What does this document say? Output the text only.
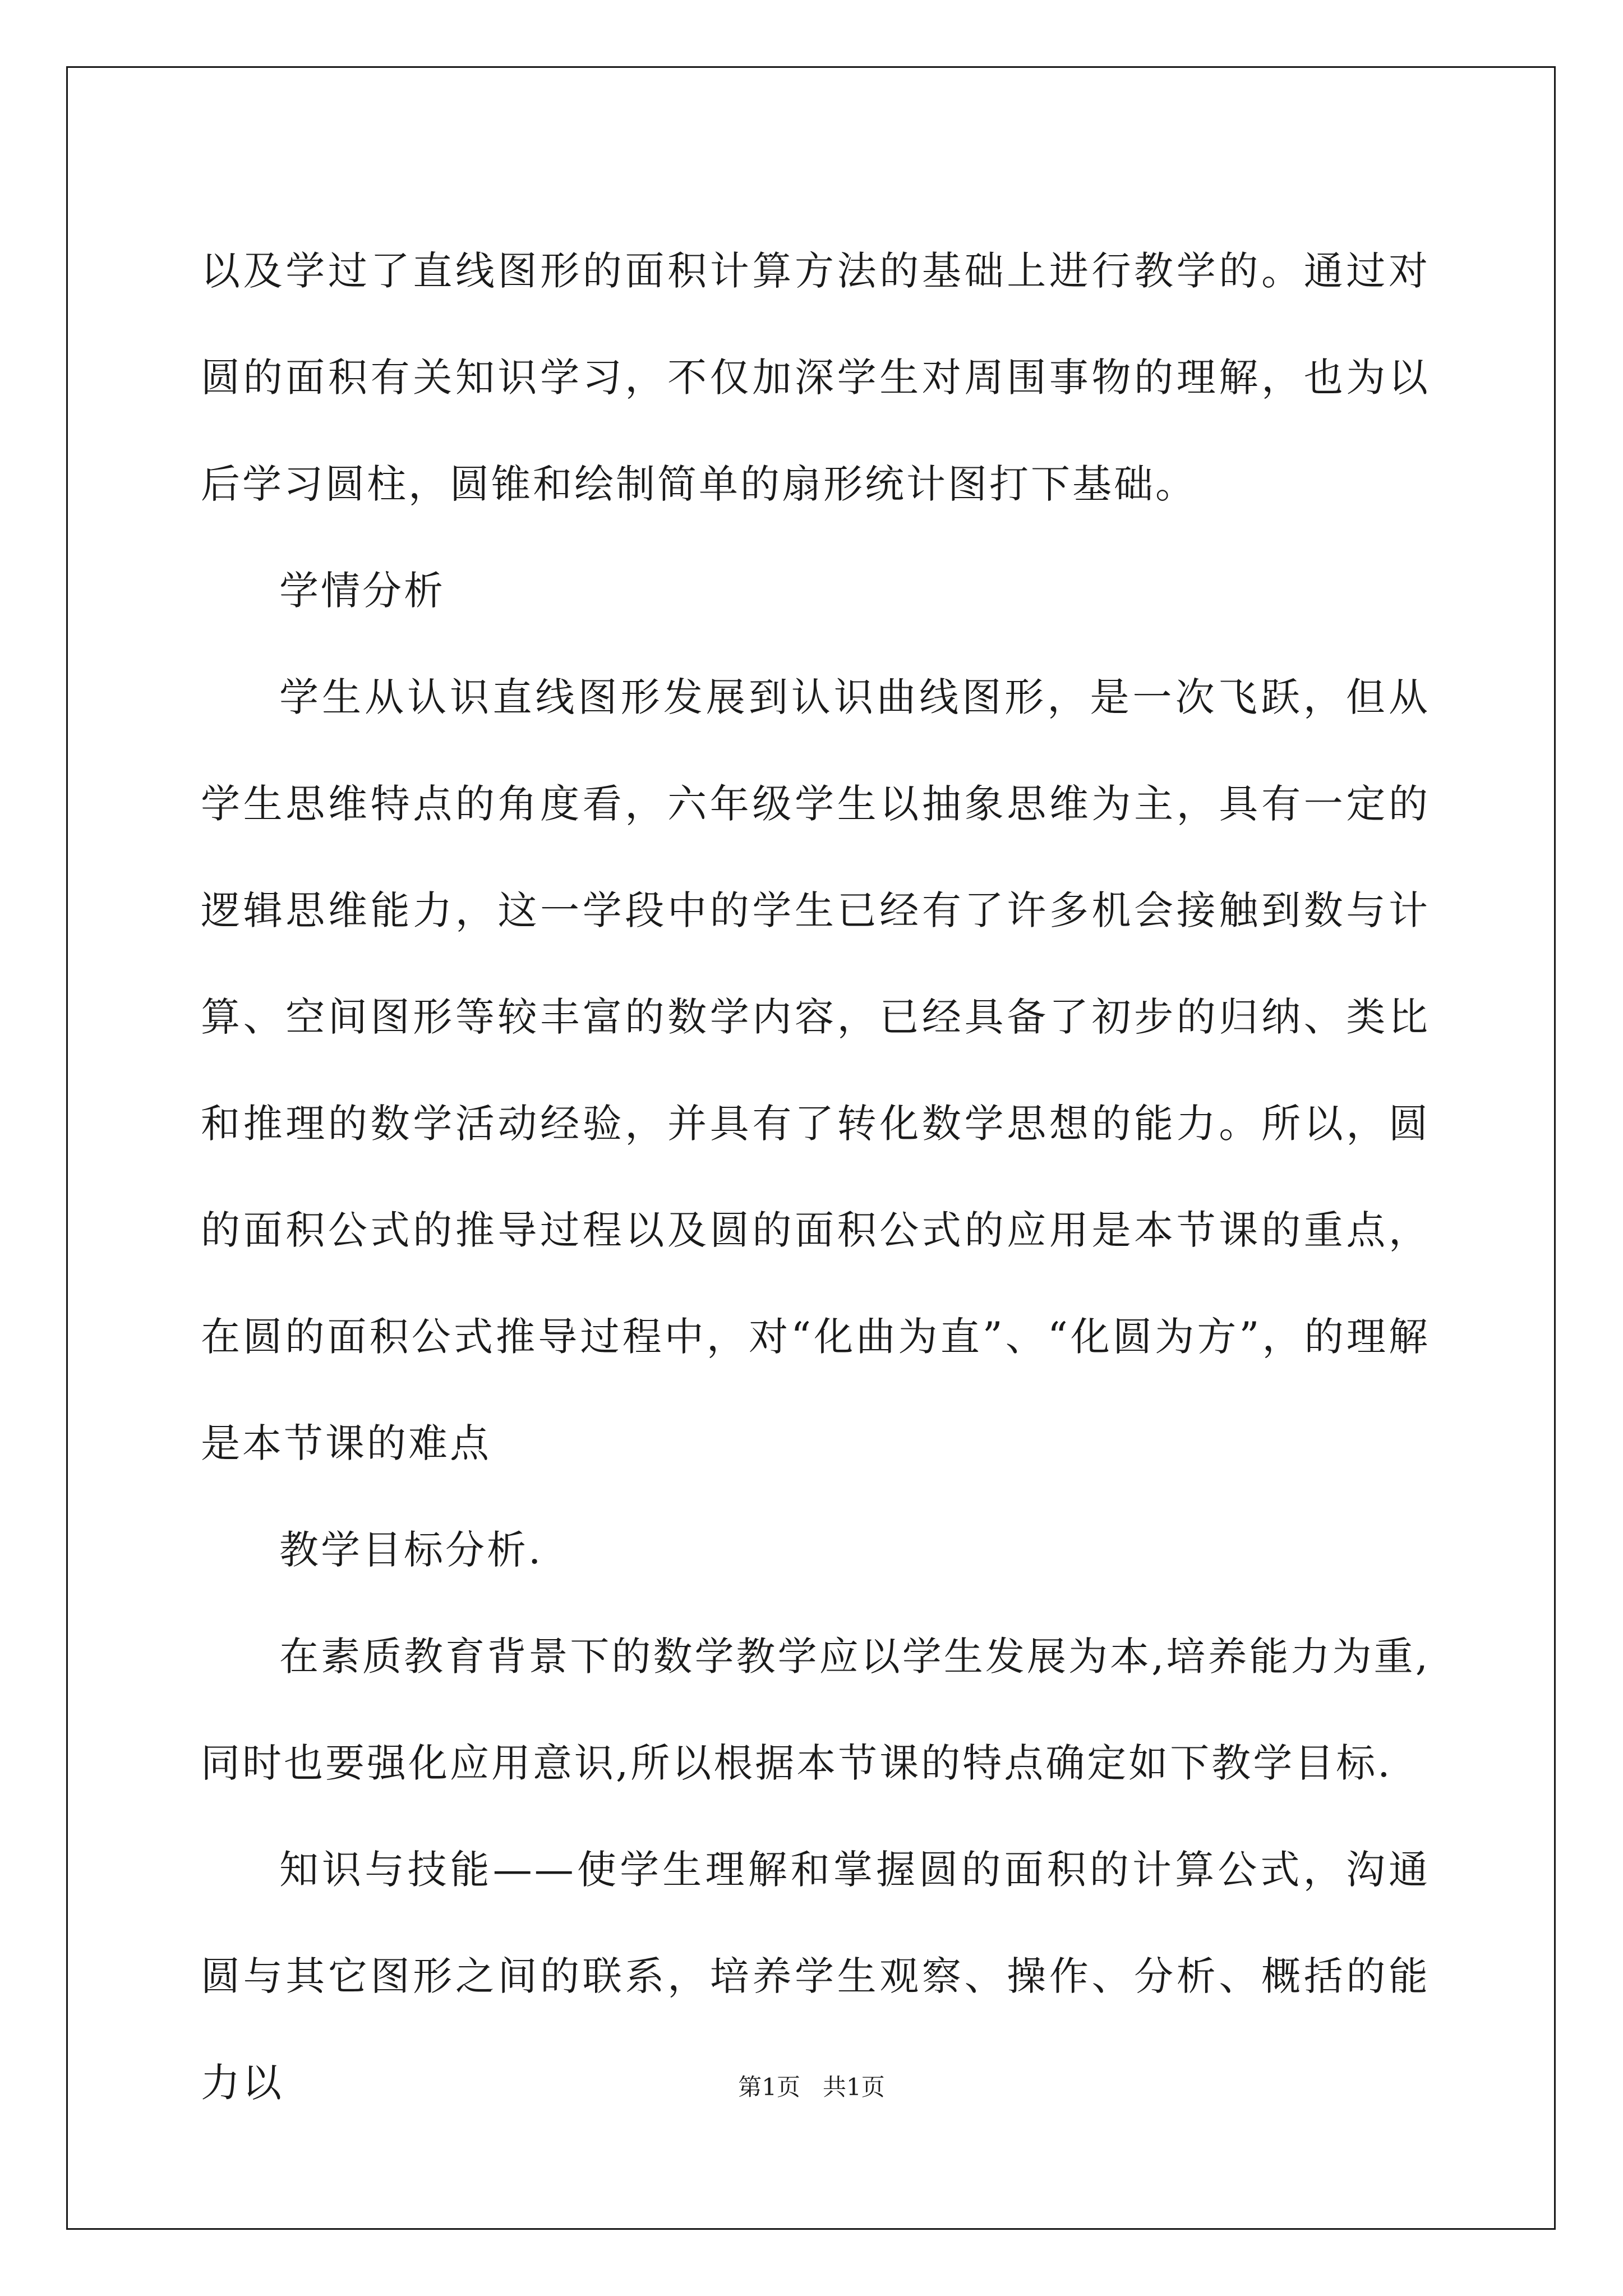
以及学过了直线图形的面积计算方法的基础上进行教学的。通过对圆的面积有关知识学习，不仅加深学生对周围事物的理解，也为以后学习圆柱，圆锥和绘制简单的扇形统计图打下基础。

学情分析

学生从认识直线图形发展到认识曲线图形，是一次飞跃，但从学生思维特点的角度看，六年级学生以抽象思维为主，具有一定的逻辑思维能力，这一学段中的学生已经有了许多机会接触到数与计算、空间图形等较丰富的数学内容，已经具备了初步的归纳、类比和推理的数学活动经验，并具有了转化数学思想的能力。所以，圆的面积公式的推导过程以及圆的面积公式的应用是本节课的重点，在圆的面积公式推导过程中，对“化曲为直”、“化圆为方”，的理解是本节课的难点

教学目标分析.

在素质教育背景下的数学教学应以学生发展为本,培养能力为重,同时也要强化应用意识,所以根据本节课的特点确定如下教学目标.

知识与技能——使学生理解和掌握圆的面积的计算公式，沟通圆与其它图形之间的联系，培养学生观察、操作、分析、概括的能力以	第1页   共1页
